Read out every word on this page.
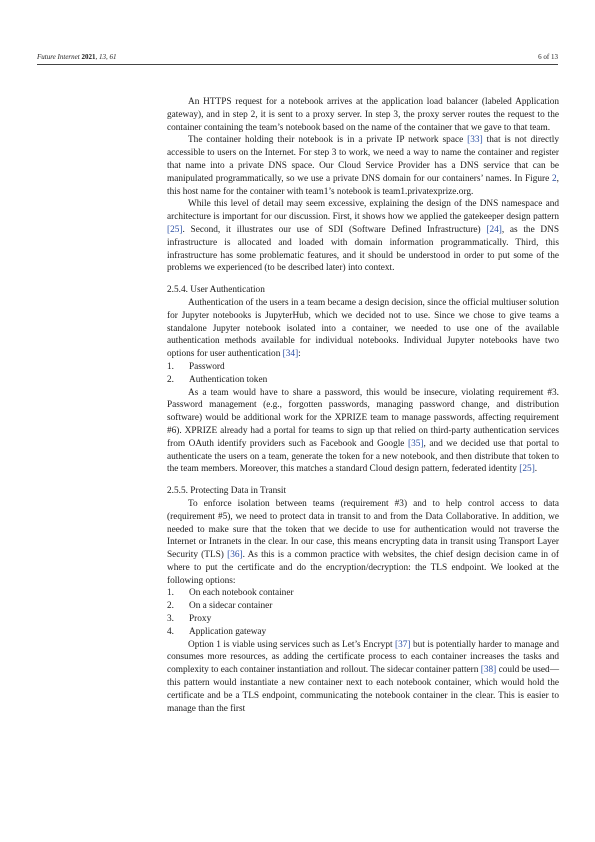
Future Internet 2021, 13, 61	6 of 13

An HTTPS request for a notebook arrives at the application load balancer (labeled Application gateway), and in step 2, it is sent to a proxy server. In step 3, the proxy server routes the request to the container containing the team’s notebook based on the name of the container that we gave to that team.

The container holding their notebook is in a private IP network space [33] that is not directly accessible to users on the Internet. For step 3 to work, we need a way to name the container and register that name into a private DNS space. Our Cloud Service Provider has a DNS service that can be manipulated programmatically, so we use a private DNS domain for our containers’ names. In Figure 2, this host name for the container with team1’s notebook is team1.privatexprize.org.

While this level of detail may seem excessive, explaining the design of the DNS namespace and architecture is important for our discussion. First, it shows how we applied the gatekeeper design pattern [25]. Second, it illustrates our use of SDI (Software Defined Infrastructure) [24], as the DNS infrastructure is allocated and loaded with domain information programmatically. Third, this infrastructure has some problematic features, and it should be understood in order to put some of the problems we experienced (to be described later) into context.

2.5.4. User Authentication

Authentication of the users in a team became a design decision, since the official multiuser solution for Jupyter notebooks is JupyterHub, which we decided not to use. Since we chose to give teams a standalone Jupyter notebook isolated into a container, we needed to use one of the available authentication methods available for individual notebooks. Individual Jupyter notebooks have two options for user authentication [34]:

1. Password
2. Authentication token

As a team would have to share a password, this would be insecure, violating requirement #3. Password management (e.g., forgotten passwords, managing password change, and distribution software) would be additional work for the XPRIZE team to manage passwords, affecting requirement #6). XPRIZE already had a portal for teams to sign up that relied on third-party authentication services from OAuth identify providers such as Facebook and Google [35], and we decided use that portal to authenticate the users on a team, generate the token for a new notebook, and then distribute that token to the team members. Moreover, this matches a standard Cloud design pattern, federated identity [25].

2.5.5. Protecting Data in Transit

To enforce isolation between teams (requirement #3) and to help control access to data (requirement #5), we need to protect data in transit to and from the Data Collaborative. In addition, we needed to make sure that the token that we decide to use for authentication would not traverse the Internet or Intranets in the clear. In our case, this means encrypting data in transit using Transport Layer Security (TLS) [36]. As this is a common practice with websites, the chief design decision came in of where to put the certificate and do the encryption/decryption: the TLS endpoint. We looked at the following options:

1. On each notebook container
2. On a sidecar container
3. Proxy
4. Application gateway

Option 1 is viable using services such as Let’s Encrypt [37] but is potentially harder to manage and consumes more resources, as adding the certificate process to each container increases the tasks and complexity to each container instantiation and rollout. The sidecar container pattern [38] could be used—this pattern would instantiate a new container next to each notebook container, which would hold the certificate and be a TLS endpoint, communicating the notebook container in the clear. This is easier to manage than the first
